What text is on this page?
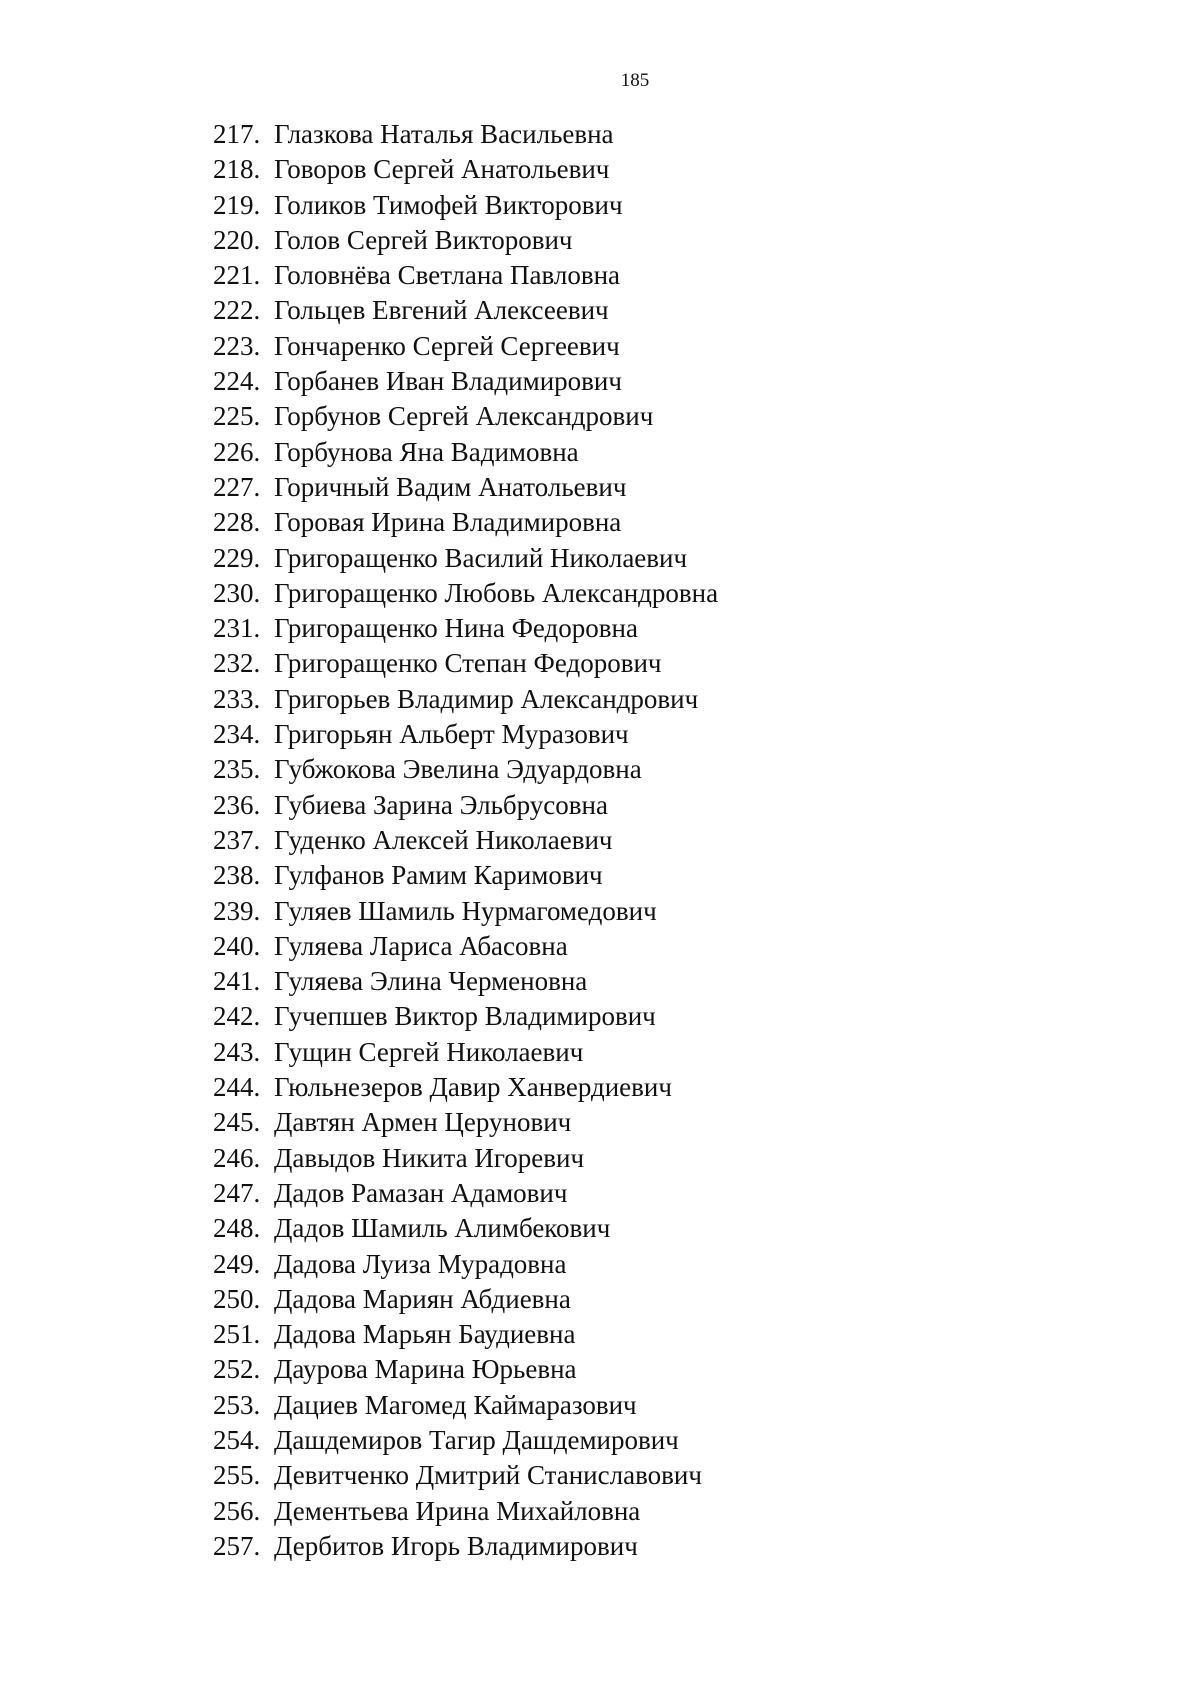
185
217. Глазкова Наталья Васильевна
218. Говоров Сергей Анатольевич
219. Голиков Тимофей Викторович
220. Голов Сергей Викторович
221. Головнёва Светлана Павловна
222. Гольцев Евгений Алексеевич
223. Гончаренко Сергей Сергеевич
224. Горбанев Иван Владимирович
225. Горбунов Сергей Александрович
226. Горбунова Яна Вадимовна
227. Горичный Вадим Анатольевич
228. Горовая Ирина Владимировна
229. Григоращенко Василий Николаевич
230. Григоращенко Любовь Александровна
231. Григоращенко Нина Федоровна
232. Григоращенко Степан Федорович
233. Григорьев Владимир Александрович
234. Григорьян Альберт Муразович
235. Губжокова Эвелина Эдуардовна
236. Губиева Зарина Эльбрусовна
237. Гуденко Алексей Николаевич
238. Гулфанов Рамим Каримович
239. Гуляев Шамиль Нурмагомедович
240. Гуляева Лариса Абасовна
241. Гуляева Элина Черменовна
242. Гучепшев Виктор Владимирович
243. Гущин Сергей Николаевич
244. Гюльнезеров Давир Ханвердиевич
245. Давтян Армен Церунович
246. Давыдов Никита Игоревич
247. Дадов Рамазан Адамович
248. Дадов Шамиль Алимбекович
249. Дадова Луиза Мурадовна
250. Дадова Мариян Абдиевна
251. Дадова Марьян Баудиевна
252. Даурова Марина Юрьевна
253. Дациев Магомед Каймаразович
254. Дашдемиров Тагир Дашдемирович
255. Девитченко Дмитрий Станиславович
256. Дементьева Ирина Михайловна
257. Дербитов Игорь Владимирович
